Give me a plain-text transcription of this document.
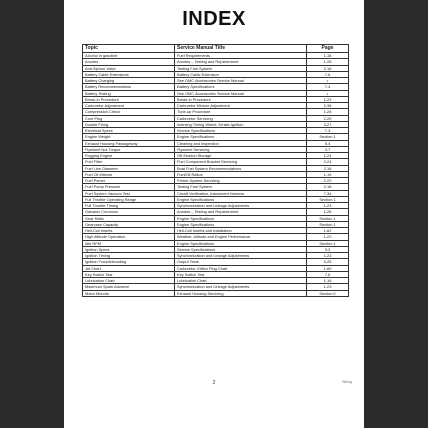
INDEX
Topic	Service Manual Title	Page
Alcohol in gasoline	Fuel Requirements	1-18
Anodes	Anodes – Testing and Replacement	1-26
Anti-Siphon Valve	Testing Fuel System	2-18
Battery Cable Extensions	Battery Cable Extension	7-6
Battery Charging	See OMC Accessories Service Manual	•
Battery Recommendations	Battery Specifications	7-4
Battery Testing	See OMC Accessories Service Manual	•
Break-In Procedure	Break-In Procedure	1-23
Carburetor Adjustment	Carburetor Mixture Adjustment	2-36
Compression Check	Tune-up Procedure	1-28
Core Plug	Carburetor Servicing	2-29
Double Firing	Indexing Timing Wheel, Erratic Ignition	3-27
Electrical Specs	Service Specifications	7-3
Engine Weight	Engine Specifications	Section 1
Exhaust Housing Passageway	Cleaning and Inspection	5-4
Flywheel Nut Torque	Flywheel Servicing	3-7
Fogging Engine	Off-Season Storage	1-24
Fuel Filter	Fuel Component Bracket Servicing	2-24
Fuel Line Diameter	Boat Fuel System Recommendations	2-16
Fuel Oil Mixture	Fuel/Oil Ratios	1-19
Fuel Primer	Primer System Servicing	2-22
Fuel Pump Pressure	Testing Fuel System	2-18
Fuel System Vacuum Test	Circuit Verification, Instrument Harness	7-34
Full Throttle Operating Range	Engine Specifications	Section 1
Full Throttle Timing	Synchronization and Linkage Adjustments	1-23
Galvanic Corrosion	Anodes – Testing and Replacement	1-26
Gear Ratio	Engine Specifications	Section 1
Gearcase Capacity	Engine Specifications	Section 1
Heli-Coil Inserts	Heli-Coil Inserts and Installation	1-62
High Altitude Operation	Weather, Altitude and Engine Performance	1-22
Idle RPM	Engine Specifications	Section 1
Ignition Specs	Service Specifications	3-3
Ignition Timing	Synchronization and Linkage Adjustments	1-23
Ignition Troubleshooting	Output Tests	3-25
Jet Chart	Carburetor Orifice Plug Chart	1-60
Key Switch Test	Key Switch Test	7-6
Lubrication Chart	Lubrication Chart	1-16
Maximum Spark Advance	Synchronization and Linkage Adjustments	1-23
Motor Mounts	Exhaust Housing Servicing	Section 5
2	Wiring
